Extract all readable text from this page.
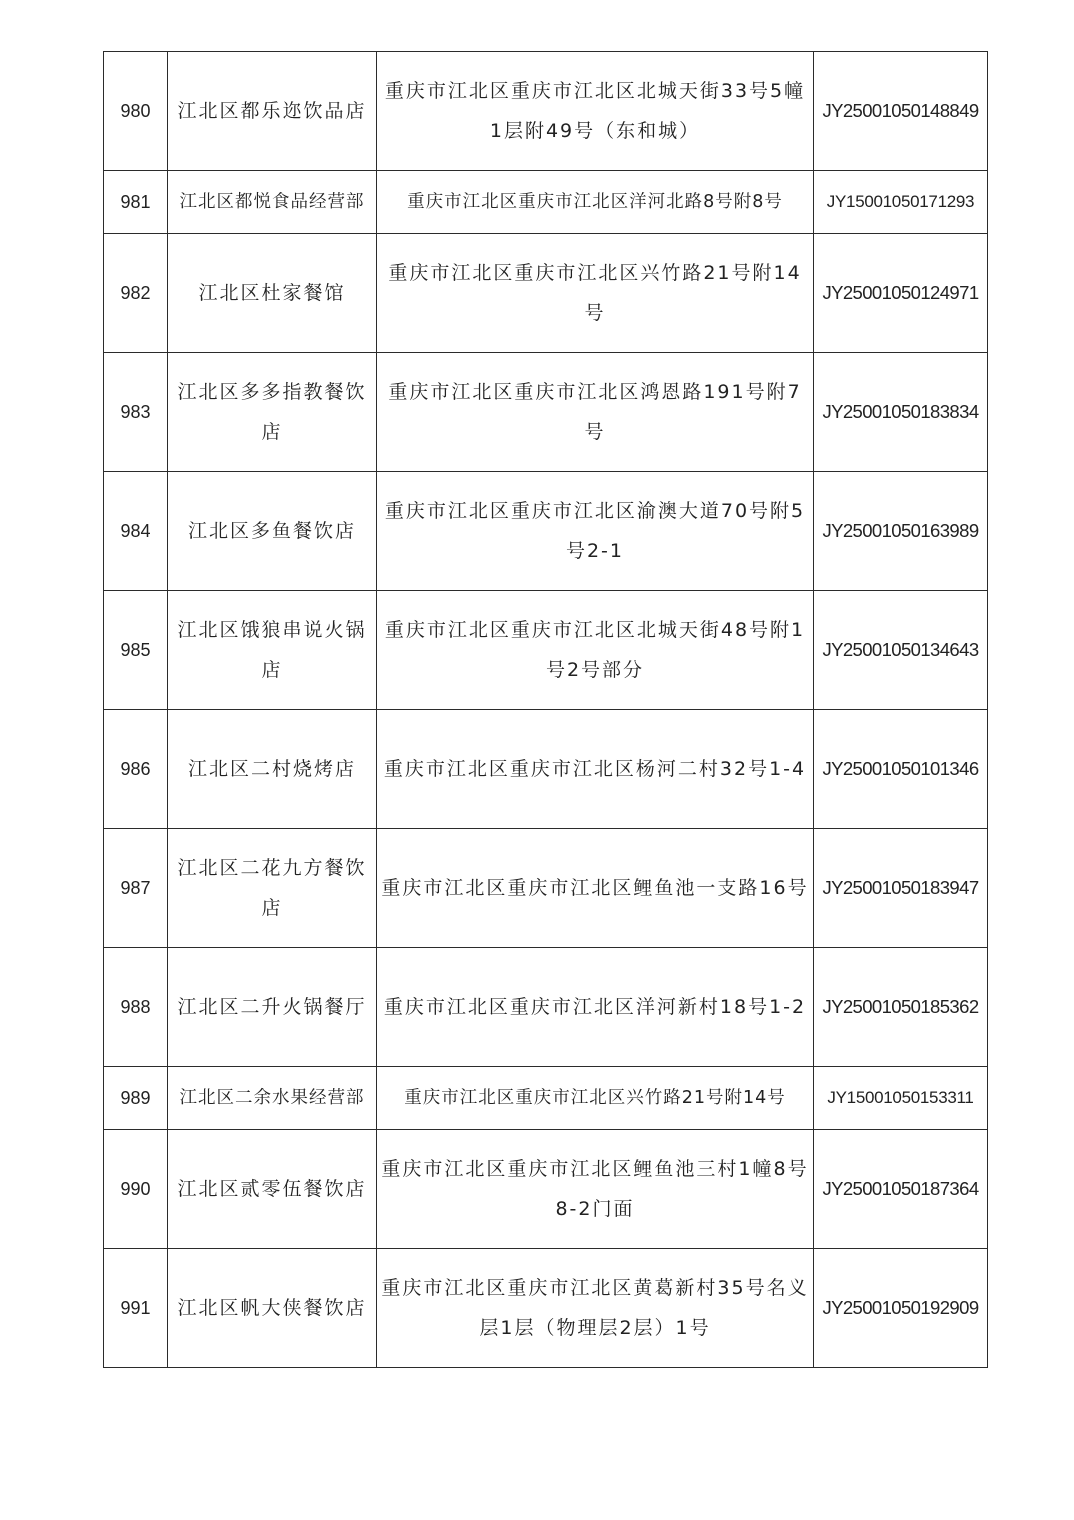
980	江北区都乐迩饮品店	重庆市江北区重庆市江北区北城天街33号5幢1层附49号（东和城）	JY25001050148849
981	江北区都悦食品经营部	重庆市江北区重庆市江北区洋河北路8号附8号	JY15001050171293
982	江北区杜家餐馆	重庆市江北区重庆市江北区兴竹路21号附14号	JY25001050124971
983	江北区多多指教餐饮店	重庆市江北区重庆市江北区鸿恩路191号附7号	JY25001050183834
984	江北区多鱼餐饮店	重庆市江北区重庆市江北区渝澳大道70号附5号2-1	JY25001050163989
985	江北区饿狼串说火锅店	重庆市江北区重庆市江北区北城天街48号附1号2号部分	JY25001050134643
986	江北区二村烧烤店	重庆市江北区重庆市江北区杨河二村32号1-4	JY25001050101346
987	江北区二花九方餐饮店	重庆市江北区重庆市江北区鲤鱼池一支路16号	JY25001050183947
988	江北区二升火锅餐厅	重庆市江北区重庆市江北区洋河新村18号1-2	JY25001050185362
989	江北区二余水果经营部	重庆市江北区重庆市江北区兴竹路21号附14号	JY15001050153311
990	江北区贰零伍餐饮店	重庆市江北区重庆市江北区鲤鱼池三村1幢8号8-2门面	JY25001050187364
991	江北区帆大侠餐饮店	重庆市江北区重庆市江北区黄葛新村35号名义层1层（物理层2层）1号	JY25001050192909
